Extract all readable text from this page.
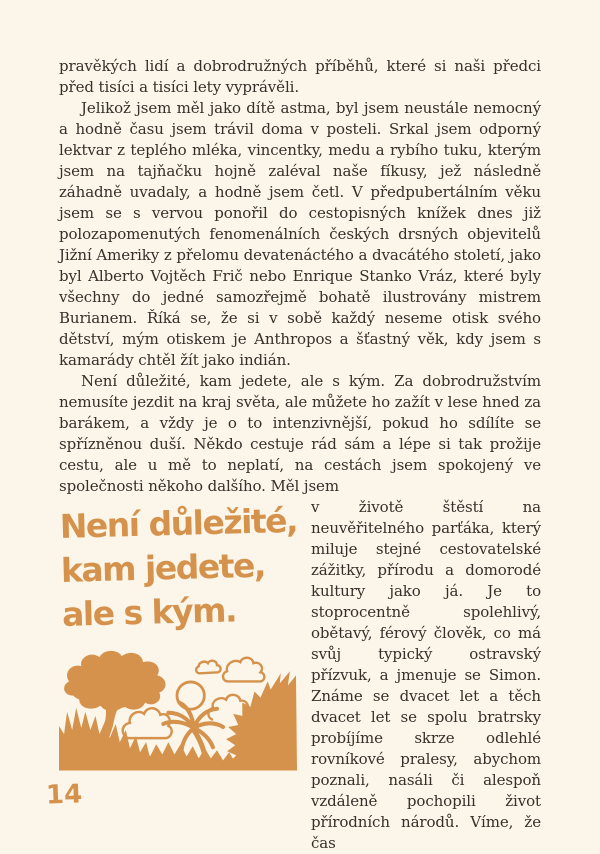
pravěkých lidí a dobrodružných příběhů, které si naši předci před tisíci a tisíci lety vyprávěli.

Jelikož jsem měl jako dítě astma, byl jsem neustále nemocný a hodně času jsem trávil doma v posteli. Srkal jsem odporný lektvar z teplého mléka, vincentky, medu a rybího tuku, kterým jsem na tajňačku hojně zaléval naše fíkusy, jež následně záhadně uvadaly, a hodně jsem četl. V předpubertálním věku jsem se s vervou ponořil do cestopisných knížek dnes již polozapomenutých fenomenálních českých drsných objevitelů Jižní Ameriky z přelomu devatenáctého a dvacátého století, jako byl Alberto Vojtěch Frič nebo Enrique Stanko Vráz, které byly všechny do jedné samozřejmě bohatě ilustrovány mistrem Burianem. Říká se, že si v sobě každý neseme otisk svého dětství, mým otiskem je Anthropos a šťastný věk, kdy jsem s kamarády chtěl žít jako indián.

Není důležité, kam jedete, ale s kým. Za dobrodružstvím nemusíte jezdit na kraj světa, ale můžete ho zažít v lese hned za barákem, a vždy je o to intenzivnější, pokud ho sdílíte se spřízněnou duší. Někdo cestuje rád sám a lépe si tak prožije cestu, ale u mě to neplatí, na cestách jsem spokojený ve společnosti někoho dalšího. Měl jsem

Není důležité,
kam jedete,
ale s kým.

v životě štěstí na neuvěřitelného parťáka, který miluje stejné cestovatelské zážitky, přírodu a domorodé kultury jako já. Je to stoprocentně spolehlivý, obětavý, férový člověk, co má svůj typický ostravský přízvuk, a jmenuje se Simon. Známe se dvacet let a těch dvacet let se spolu bratrsky probíjíme skrze odlehlé rovníkové pralesy, abychom poznali, nasáli či alespoň vzdáleně pochopili život přírodních národů. Víme, že čas

14
